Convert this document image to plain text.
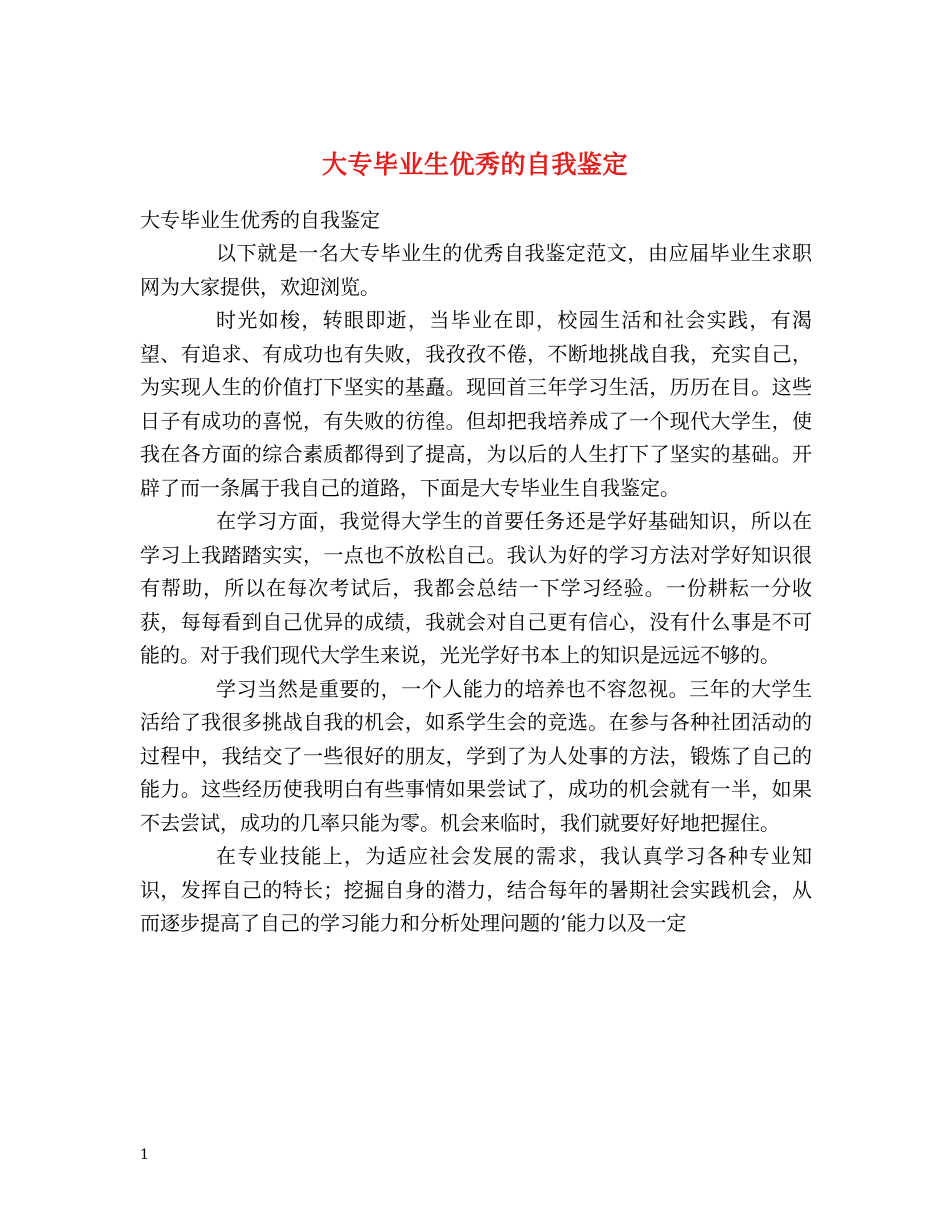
大专毕业生优秀的自我鉴定

大专毕业生优秀的自我鉴定

以下就是一名大专毕业生的优秀自我鉴定范文，由应届毕业生求职网为大家提供，欢迎浏览。

时光如梭，转眼即逝，当毕业在即，校园生活和社会实践，有渴望、有追求、有成功也有失败，我孜孜不倦，不断地挑战自我，充实自己，为实现人生的价值打下坚实的基矗。现回首三年学习生活，历历在目。这些日子有成功的喜悦，有失败的彷徨。但却把我培养成了一个现代大学生，使我在各方面的综合素质都得到了提高，为以后的人生打下了坚实的基础。开辟了而一条属于我自己的道路，下面是大专毕业生自我鉴定。

在学习方面，我觉得大学生的首要任务还是学好基础知识，所以在学习上我踏踏实实，一点也不放松自己。我认为好的学习方法对学好知识很有帮助，所以在每次考试后，我都会总结一下学习经验。一份耕耘一分收获，每每看到自己优异的成绩，我就会对自己更有信心，没有什么事是不可能的。对于我们现代大学生来说，光光学好书本上的知识是远远不够的。

学习当然是重要的，一个人能力的培养也不容忽视。三年的大学生活给了我很多挑战自我的机会，如系学生会的竞选。在参与各种社团活动的过程中，我结交了一些很好的朋友，学到了为人处事的方法，锻炼了自己的能力。这些经历使我明白有些事情如果尝试了，成功的机会就有一半，如果不去尝试，成功的几率只能为零。机会来临时，我们就要好好地把握住。

在专业技能上，为适应社会发展的需求，我认真学习各种专业知识，发挥自己的特长；挖掘自身的潜力，结合每年的暑期社会实践机会，从而逐步提高了自己的学习能力和分析处理问题的’能力以及一定

1
